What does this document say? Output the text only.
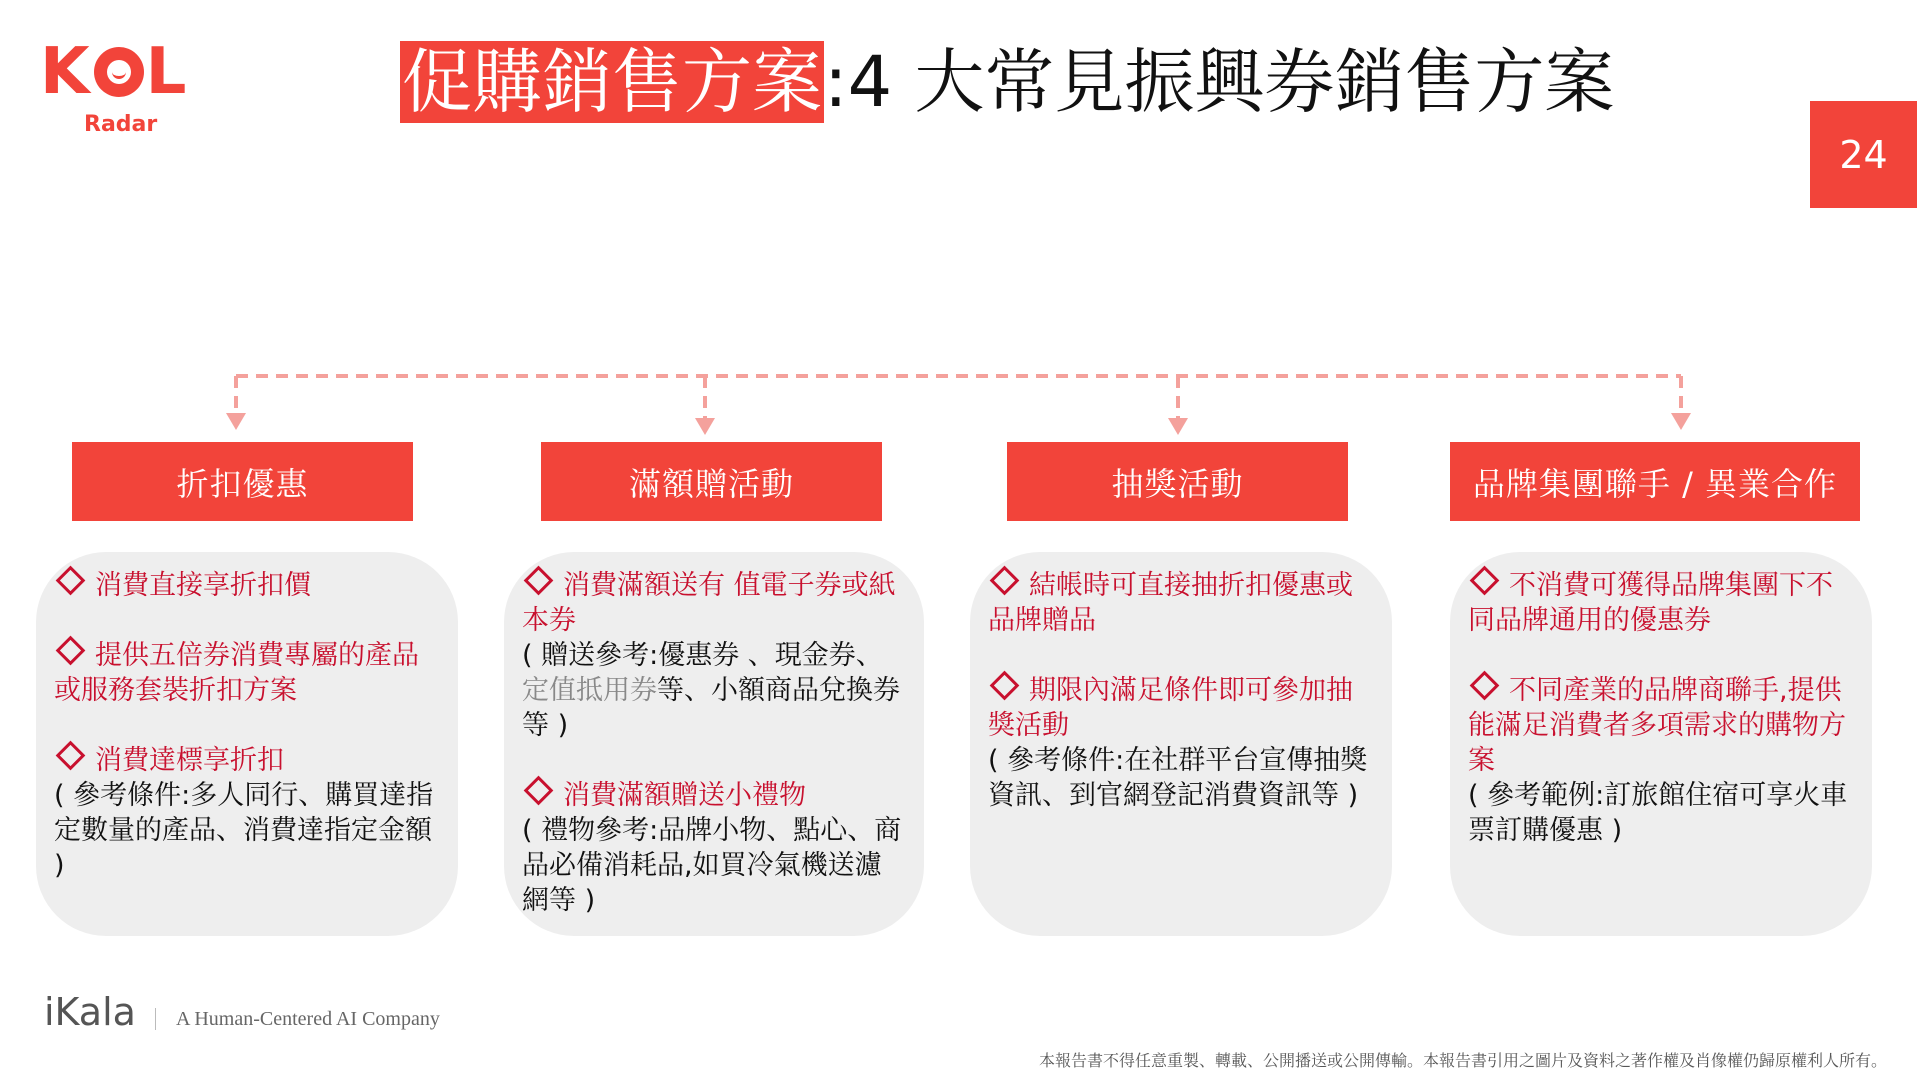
K L
Radar
促購銷售方案:4 大常見振興券銷售方案
24
折扣優惠	滿額贈活動	抽獎活動	品牌集團聯手 / 異業合作
消費直接享折扣價
提供五倍券消費專屬的產品或服務套裝折扣方案
消費達標享折扣
( 參考條件:多人同行、購買達指定數量的產品、消費達指定金額 )
消費滿額送有 值電子券或紙本券
( 贈送參考:優惠券 、現金券、定值抵用券等、小額商品兌換券等 )
消費滿額贈送小禮物
( 禮物參考:品牌小物、點心、商品必備消耗品,如買冷氣機送濾網等 )
結帳時可直接抽折扣優惠或品牌贈品
期限內滿足條件即可參加抽獎活動
( 參考條件:在社群平台宣傳抽獎資訊、到官網登記消費資訊等 )
不消費可獲得品牌集團下不同品牌通用的優惠券
不同產業的品牌商聯手,提供能滿足消費者多項需求的購物方案
( 參考範例:訂旅館住宿可享火車票訂購優惠 )
iKala A Human-Centered AI Company
本報告書不得任意重製、轉載、公開播送或公開傳輸。本報告書引用之圖片及資料之著作權及肖像權仍歸原權利人所有。
